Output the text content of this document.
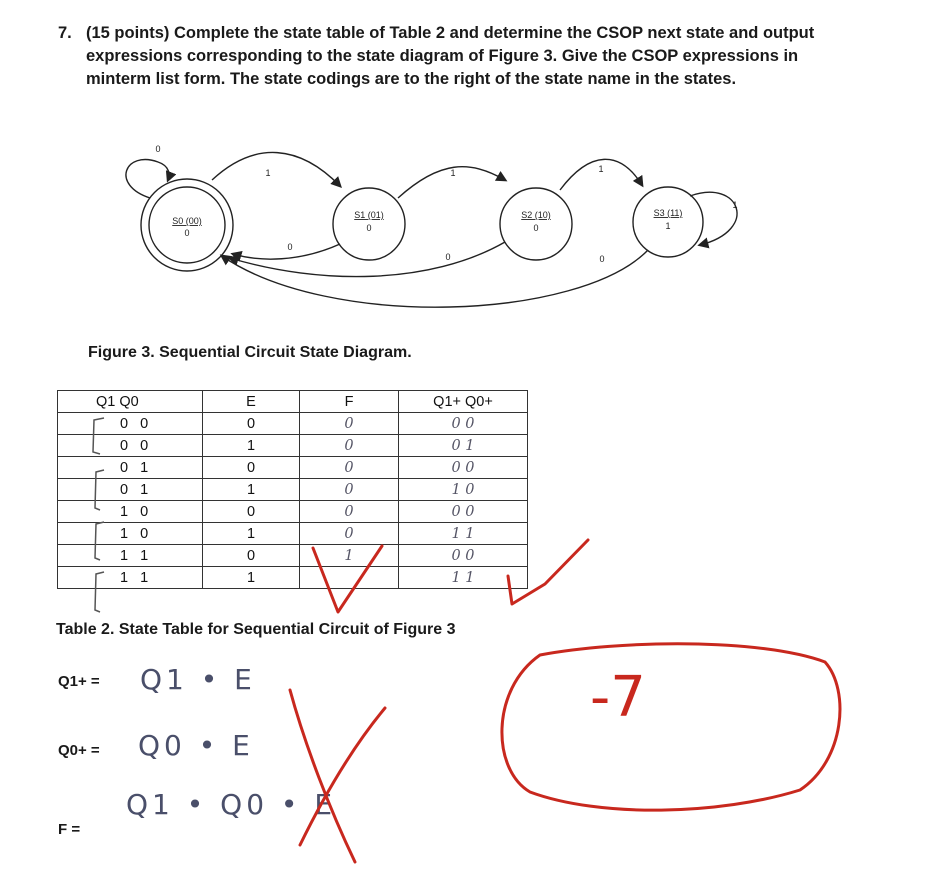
7. (15 points) Complete the state table of Table 2 and determine the CSOP next state and output expressions corresponding to the state diagram of Figure 3. Give the CSOP expressions in minterm list form. The state codings are to the right of the state name in the states.
S0 (00)
0
S1 (01)
0
S2 (10)
0
S3 (11)
1
0
1
0
1
0
1
0
1
Figure 3. Sequential Circuit State Diagram.
Q1 Q0	E	F	Q1+ Q0+
0 0	0	0	0 0
0 0	1	0	0 1
0 1	0	0	0 0
0 1	1	0	1 0
1 0	0	0	0 0
1 0	1	0	1 1
1 1	0	1	0 0
1 1	1		1 1
Table 2. State Table for Sequential Circuit of Figure 3
Q1+ = Q1 • E
Q0+ = Q0 • E
F =
Q1 • Q0 • E
-7
